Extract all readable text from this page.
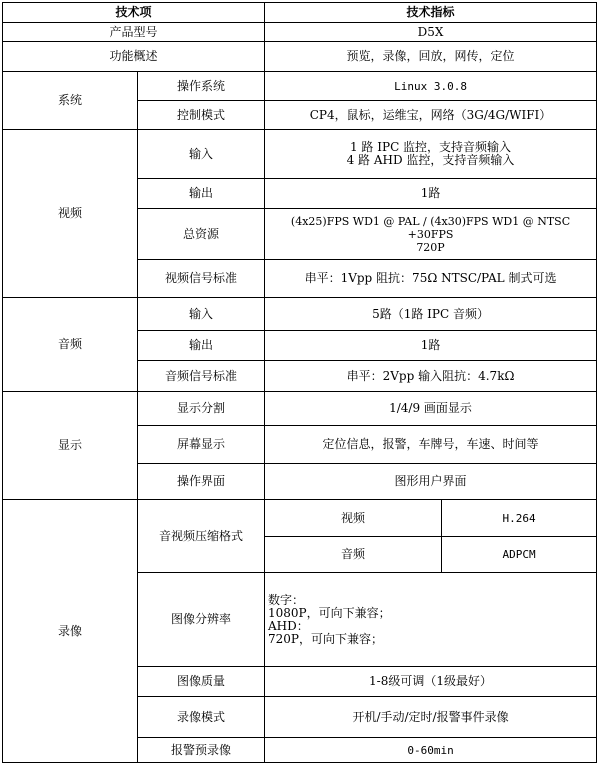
技术项		技术指标	
产品型号		D5X	
功能概述		预览，录像，回放，网传，定位	
系统	操作系统	Linux 3.0.8	
	控制模式	CP4，鼠标，运维宝，网络（3G/4G/WIFI）	
视频	输入	1 路 IPC 监控，支持音频输入
4 路 AHD 监控，支持音频输入	

	输出	1路	
	总资源	(4x25)FPS WD1 @ PAL / (4x30)FPS WD1 @ NTSC +30FPS
720P	

	视频信号标准	串平：1Vpp 阻抗：75Ω NTSC/PAL 制式可选	
音频	输入	5路（1路 IPC 音频）	
	输出	1路	
	音频信号标准	串平：2Vpp 输入阻抗：4.7kΩ	
显示	显示分割	1/4/9 画面显示	
	屏幕显示	定位信息，报警，车牌号，车速、时间等	
	操作界面	图形用户界面	
录像	音视频压缩格式	视频	H.264
		音频	ADPCM
	图像分辨率	数字：
1080P，可向下兼容；
AHD：
720P，可向下兼容；	

	图像质量	1-8级可调（1级最好）	
	录像模式	开机/手动/定时/报警事件录像	
	报警预录像	0-60min	
